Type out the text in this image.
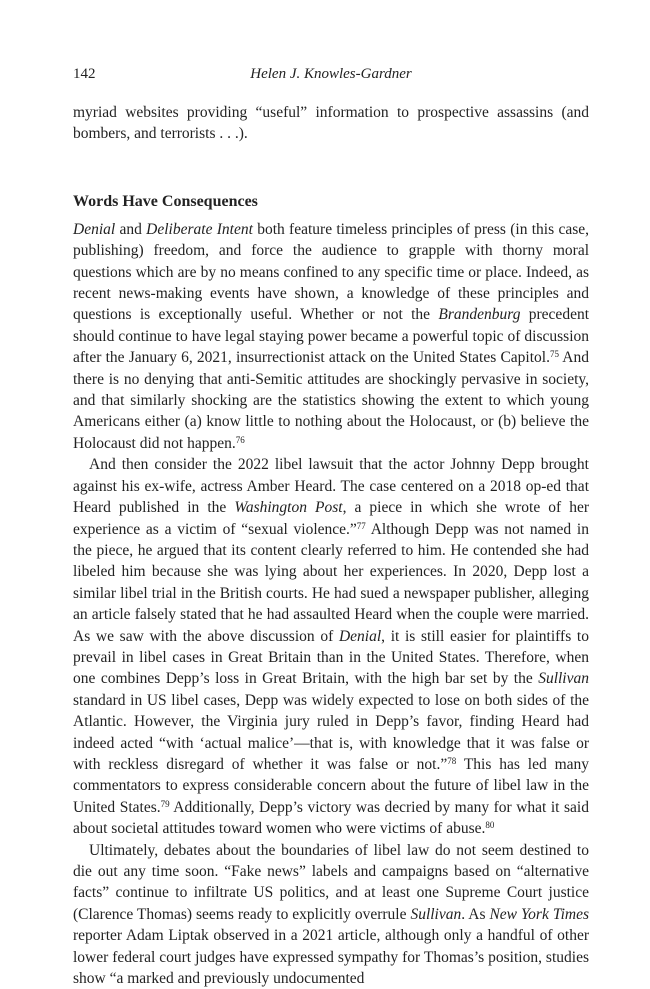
142	Helen J. Knowles-Gardner

myriad websites providing “useful” information to prospective assassins (and bombers, and terrorists . . .).

Words Have Consequences

Denial and Deliberate Intent both feature timeless principles of press (in this case, publishing) freedom, and force the audience to grapple with thorny moral questions which are by no means confined to any specific time or place. Indeed, as recent news-making events have shown, a knowledge of these principles and questions is exceptionally useful. Whether or not the Brandenburg precedent should continue to have legal staying power became a powerful topic of discussion after the January 6, 2021, insurrectionist attack on the United States Capitol.$^{75}$ And there is no denying that anti-Semitic attitudes are shockingly pervasive in society, and that similarly shocking are the statistics showing the extent to which young Americans either (a) know little to nothing about the Holocaust, or (b) believe the Holocaust did not happen.$^{76}$

And then consider the 2022 libel lawsuit that the actor Johnny Depp brought against his ex-wife, actress Amber Heard. The case centered on a 2018 op-ed that Heard published in the Washington Post, a piece in which she wrote of her experience as a victim of “sexual violence.”$^{77}$ Although Depp was not named in the piece, he argued that its content clearly referred to him. He contended she had libeled him because she was lying about her experiences. In 2020, Depp lost a similar libel trial in the British courts. He had sued a newspaper publisher, alleging an article falsely stated that he had assaulted Heard when the couple were married. As we saw with the above discussion of Denial, it is still easier for plaintiffs to prevail in libel cases in Great Britain than in the United States. Therefore, when one combines Depp’s loss in Great Britain, with the high bar set by the Sullivan standard in US libel cases, Depp was widely expected to lose on both sides of the Atlantic. However, the Virginia jury ruled in Depp’s favor, finding Heard had indeed acted “with ‘actual malice’—that is, with knowledge that it was false or with reckless disregard of whether it was false or not.”$^{78}$ This has led many commentators to express considerable concern about the future of libel law in the United States.$^{79}$ Additionally, Depp’s victory was decried by many for what it said about societal attitudes toward women who were victims of abuse.$^{80}$

Ultimately, debates about the boundaries of libel law do not seem destined to die out any time soon. “Fake news” labels and campaigns based on “alternative facts” continue to infiltrate US politics, and at least one Supreme Court justice (Clarence Thomas) seems ready to explicitly overrule Sullivan. As New York Times reporter Adam Liptak observed in a 2021 article, although only a handful of other lower federal court judges have expressed sympathy for Thomas’s position, studies show “a marked and previously undocumented
